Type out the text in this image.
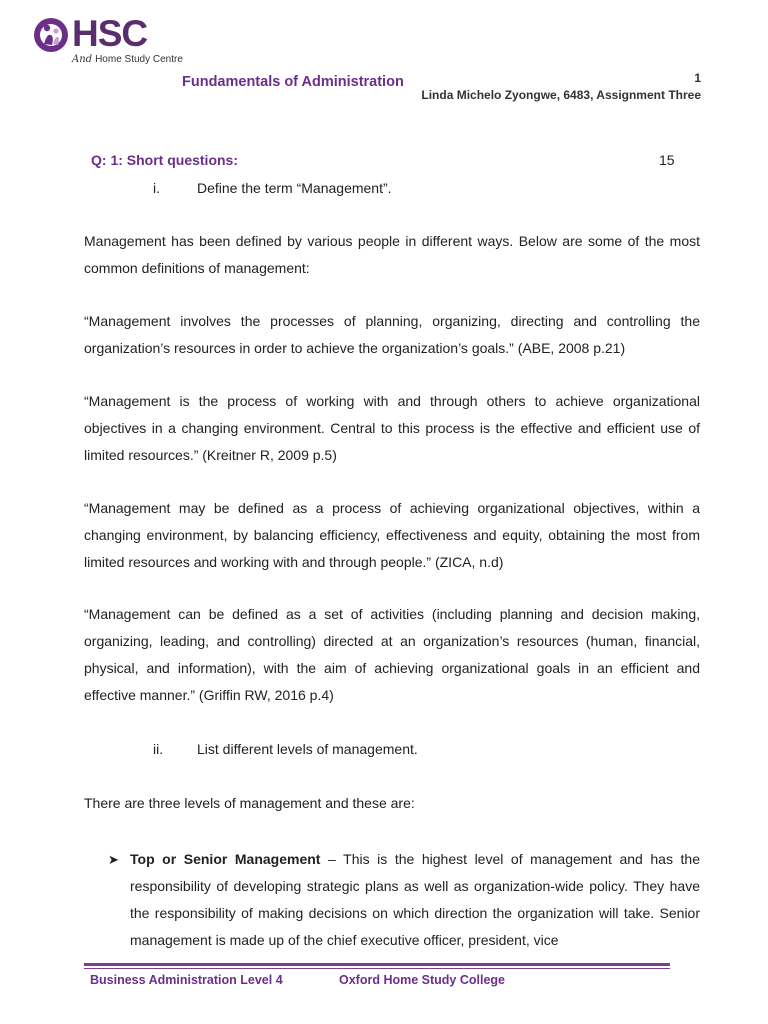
HSC
And Home Study Centre
Fundamentals of Administration	1
Linda Michelo Zyongwe, 6483, Assignment Three
Q: 1: Short questions:	15
i.	Define the term “Management”.
Management has been defined by various people in different ways. Below are some of the most common definitions of management:
“Management involves the processes of planning, organizing, directing and controlling the organization’s resources in order to achieve the organization’s goals.” (ABE, 2008 p.21)
“Management is the process of working with and through others to achieve organizational objectives in a changing environment. Central to this process is the effective and efficient use of limited resources.” (Kreitner R, 2009 p.5)
“Management may be defined as a process of achieving organizational objectives, within a changing environment, by balancing efficiency, effectiveness and equity, obtaining the most from limited resources and working with and through people.” (ZICA, n.d)
“Management can be defined as a set of activities (including planning and decision making, organizing, leading, and controlling) directed at an organization’s resources (human, financial, physical, and information), with the aim of achieving organizational goals in an efficient and effective manner.” (Griffin RW, 2016 p.4)
ii. List different levels of management.
There are three levels of management and these are:
➤ Top or Senior Management – This is the highest level of management and has the responsibility of developing strategic plans as well as organization-wide policy. They have the responsibility of making decisions on which direction the organization will take. Senior management is made up of the chief executive officer, president, vice
Business Administration Level 4	Oxford Home Study College
